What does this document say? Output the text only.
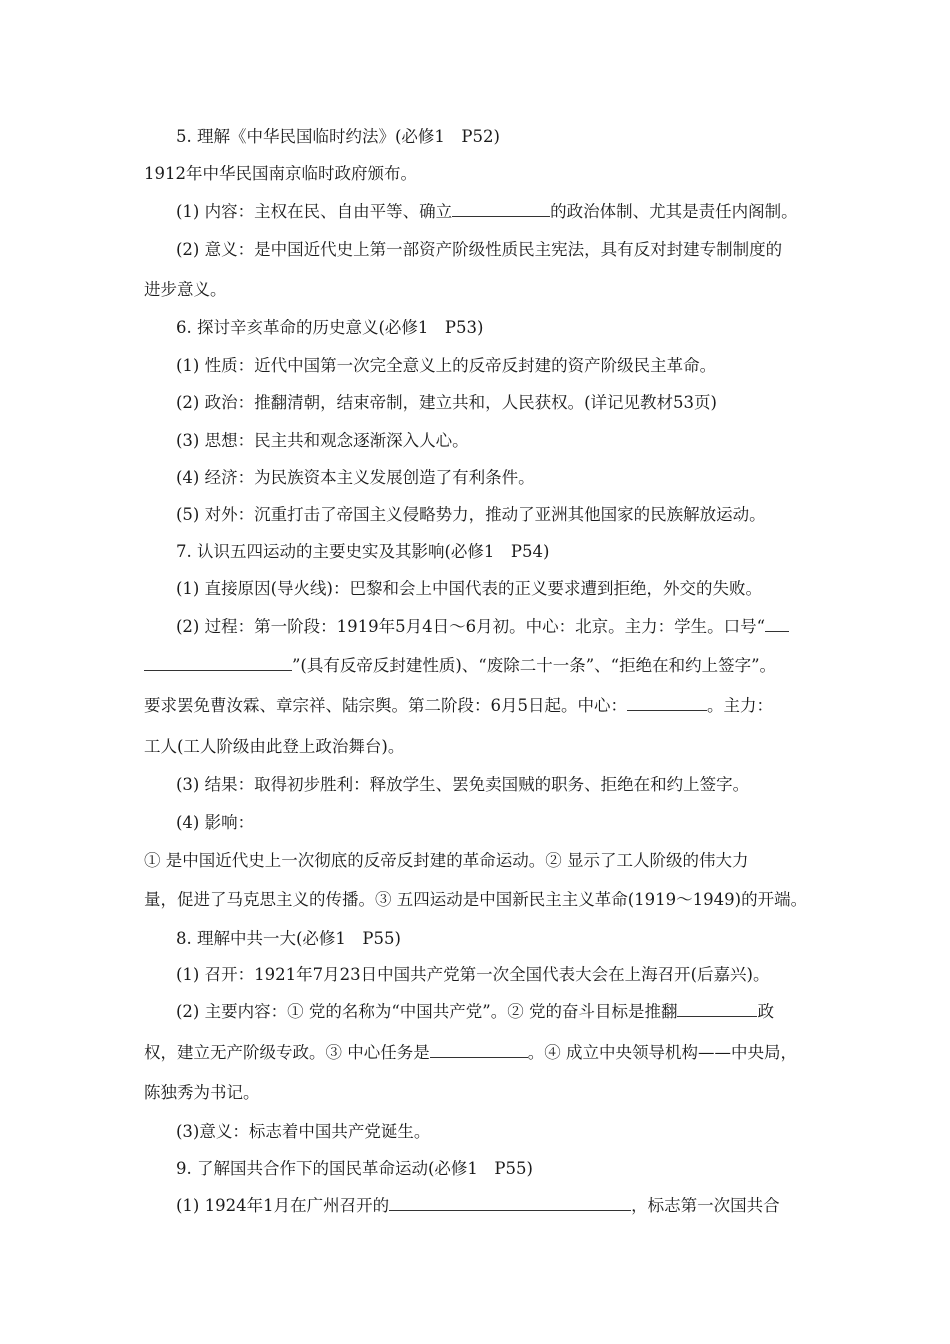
5. 理解《中华民国临时约法》(必修1　P52)
1912年中华民国南京临时政府颁布。
(1) 内容：主权在民、自由平等、确立	的政治体制、尤其是责任内阁制。
(2) 意义：是中国近代史上第一部资产阶级性质民主宪法，具有反对封建专制制度的
进步意义。
6. 探讨辛亥革命的历史意义(必修1　P53)
(1) 性质：近代中国第一次完全意义上的反帝反封建的资产阶级民主革命。
(2) 政治：推翻清朝，结束帝制，建立共和，人民获权。(详记见教材53页)
(3) 思想：民主共和观念逐渐深入人心。
(4) 经济：为民族资本主义发展创造了有利条件。
(5) 对外：沉重打击了帝国主义侵略势力，推动了亚洲其他国家的民族解放运动。
7. 认识五四运动的主要史实及其影响(必修1　P54)
(1) 直接原因(导火线)：巴黎和会上中国代表的正义要求遭到拒绝，外交的失败。
(2) 过程：第一阶段：1919年5月4日～6月初。中心：北京。主力：学生。口号“
”(具有反帝反封建性质)、“废除二十一条”、“拒绝在和约上签字”。
要求罢免曹汝霖、章宗祥、陆宗舆。第二阶段：6月5日起。中心：	。主力：
工人(工人阶级由此登上政治舞台)。
(3) 结果：取得初步胜利：释放学生、罢免卖国贼的职务、拒绝在和约上签字。
(4) 影响：
① 是中国近代史上一次彻底的反帝反封建的革命运动。② 显示了工人阶级的伟大力
量，促进了马克思主义的传播。③ 五四运动是中国新民主主义革命(1919～1949)的开端。
8. 理解中共一大(必修1　P55)
(1) 召开：1921年7月23日中国共产党第一次全国代表大会在上海召开(后嘉兴)。
(2) 主要内容：① 党的名称为“中国共产党”。② 党的奋斗目标是推翻	政
权，建立无产阶级专政。③ 中心任务是	。④ 成立中央领导机构——中央局，
陈独秀为书记。
(3)意义：标志着中国共产党诞生。
9. 了解国共合作下的国民革命运动(必修1　P55)
(1) 1924年1月在广州召开的	，标志第一次国共合
